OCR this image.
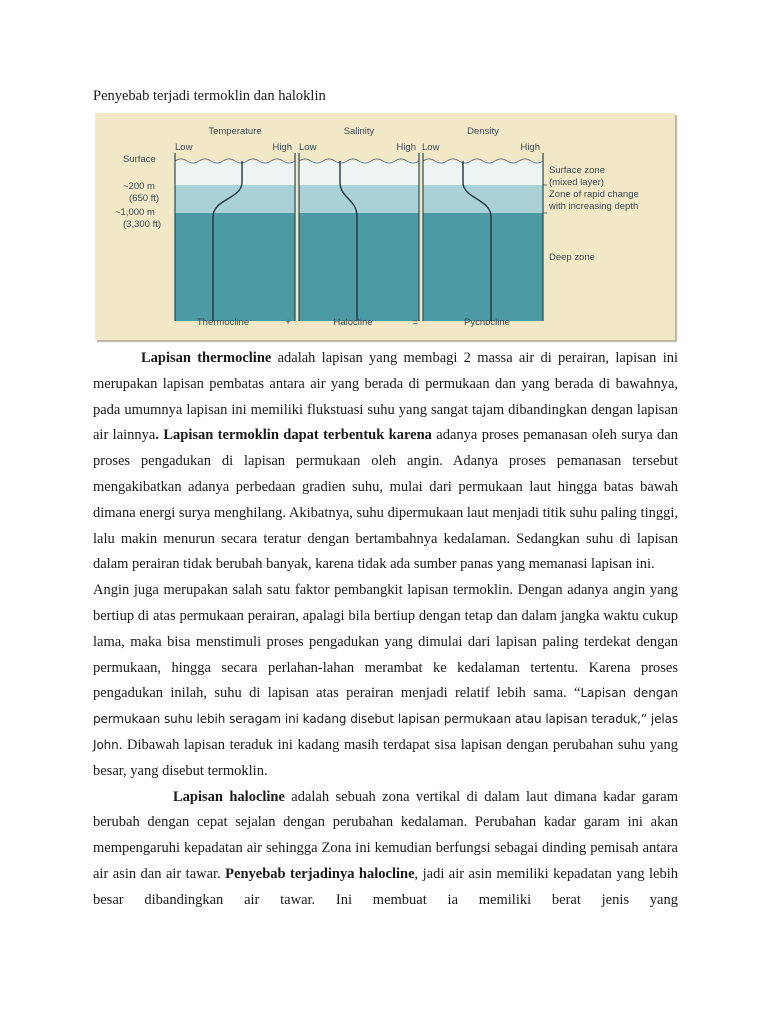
Penyebab terjadi termoklin dan haloklin
Temperature	Salinity	Density
Low	High Low	High Low	High
Surface
~200 m
(650 ft)
~1,000 m
(3,300 ft)
Surface zone
(mixed layer)
Zone of rapid change
with increasing depth
Deep zone
Thermocline	+	Halocline	=	Pycnocline

Lapisan thermocline adalah lapisan yang membagi 2 massa air di perairan, lapisan ini merupakan lapisan pembatas antara air yang berada di permukaan dan yang berada di bawahnya, pada umumnya lapisan ini memiliki flukstuasi suhu yang sangat tajam dibandingkan dengan lapisan air lainnya. Lapisan termoklin dapat terbentuk karena adanya proses pemanasan oleh surya dan proses pengadukan di lapisan permukaan oleh angin. Adanya proses pemanasan tersebut mengakibatkan adanya perbedaan gradien suhu, mulai dari permukaan laut hingga batas bawah dimana energi surya menghilang. Akibatnya, suhu dipermukaan laut menjadi titik suhu paling tinggi, lalu makin menurun secara teratur dengan bertambahnya kedalaman. Sedangkan suhu di lapisan dalam perairan tidak berubah banyak, karena tidak ada sumber panas yang memanasi lapisan ini.

Angin juga merupakan salah satu faktor pembangkit lapisan termoklin. Dengan adanya angin yang bertiup di atas permukaan perairan, apalagi bila bertiup dengan tetap dan dalam jangka waktu cukup lama, maka bisa menstimuli proses pengadukan yang dimulai dari lapisan paling terdekat dengan permukaan, hingga secara perlahan-lahan merambat ke kedalaman tertentu. Karena proses pengadukan inilah, suhu di lapisan atas perairan menjadi relatif lebih sama. “Lapisan dengan permukaan suhu lebih seragam ini kadang disebut lapisan permukaan atau lapisan teraduk,” jelas John. Dibawah lapisan teraduk ini kadang masih terdapat sisa lapisan dengan perubahan suhu yang besar, yang disebut termoklin.

Lapisan halocline adalah sebuah zona vertikal di dalam laut dimana kadar garam berubah dengan cepat sejalan dengan perubahan kedalaman. Perubahan kadar garam ini akan mempengaruhi kepadatan air sehingga Zona ini kemudian berfungsi sebagai dinding pemisah antara air asin dan air tawar. Penyebab terjadinya halocline, jadi air asin memiliki kepadatan yang lebih besar dibandingkan air tawar. Ini membuat ia memiliki berat jenis yang
